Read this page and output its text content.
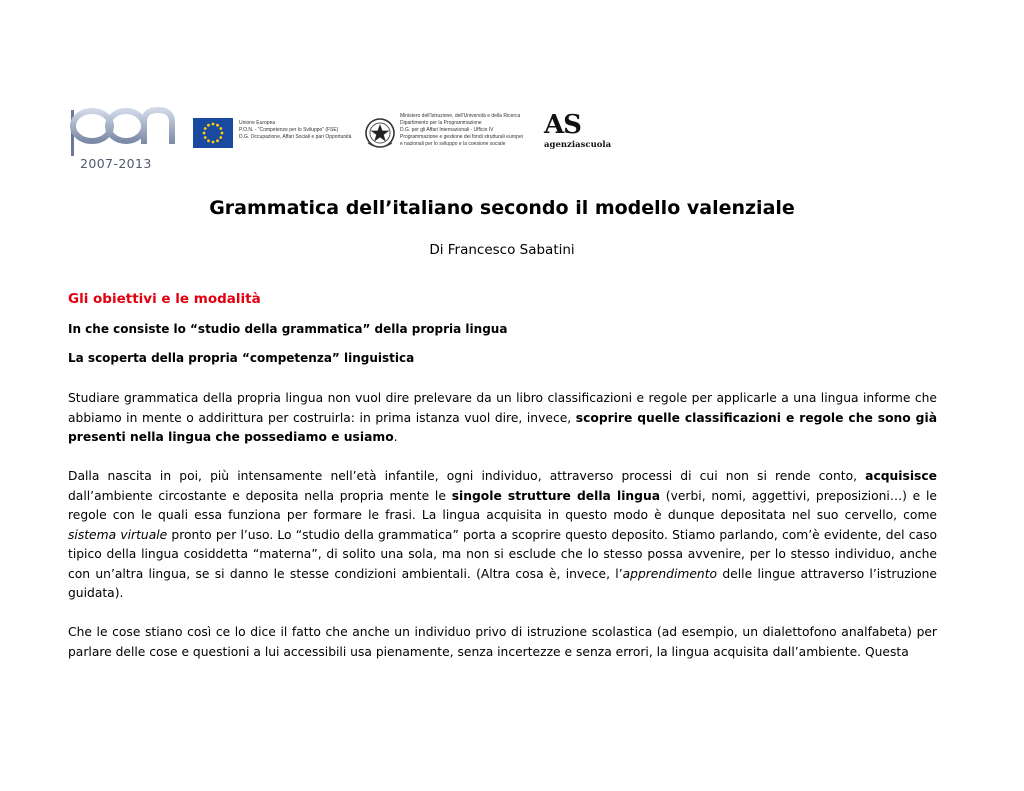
2007-2013
Unione Europea
P.O.N. - “Competenze per lo Sviluppo” (FSE)
D.G. Occupazione, Affari Sociali e pari Opportunità
Ministero dell'Istruzione, dell'Università e della Ricerca
Dipartimento per la Programmazione
D.G. per gli Affari Internazionali - Ufficio IV
Programmazione e gestione dei fondi strutturali europei
e nazionali per lo sviluppo e la coesione sociale
AS
agenziascuola
Grammatica dell’italiano secondo il modello valenziale
Di Francesco Sabatini
Gli obiettivi e le modalità
In che consiste lo “studio della grammatica” della propria lingua
La scoperta della propria “competenza” linguistica

Studiare grammatica della propria lingua non vuol dire prelevare da un libro classificazioni e regole per applicarle a una lingua informe che abbiamo in mente o addirittura per costruirla: in prima istanza vuol dire, invece, scoprire quelle classificazioni e regole che sono già presenti nella lingua che possediamo e usiamo.

Dalla nascita in poi, più intensamente nell’età infantile, ogni individuo, attraverso processi di cui non si rende conto, acquisisce dall’ambiente circostante e deposita nella propria mente le singole strutture della lingua (verbi, nomi, aggettivi, preposizioni…) e le regole con le quali essa funziona per formare le frasi. La lingua acquisita in questo modo è dunque depositata nel suo cervello, come sistema virtuale pronto per l’uso. Lo “studio della grammatica” porta a scoprire questo deposito. Stiamo parlando, com’è evidente, del caso tipico della lingua cosiddetta “materna”, di solito una sola, ma non si esclude che lo stesso possa avvenire, per lo stesso individuo, anche con un’altra lingua, se si danno le stesse condizioni ambientali. (Altra cosa è, invece, l’apprendimento delle lingue attraverso l’istruzione guidata).

Che le cose stiano così ce lo dice il fatto che anche un individuo privo di istruzione scolastica (ad esempio, un dialettofono analfabeta) per parlare delle cose e questioni a lui accessibili usa pienamente, senza incertezze e senza errori, la lingua acquisita dall’ambiente. Questa
